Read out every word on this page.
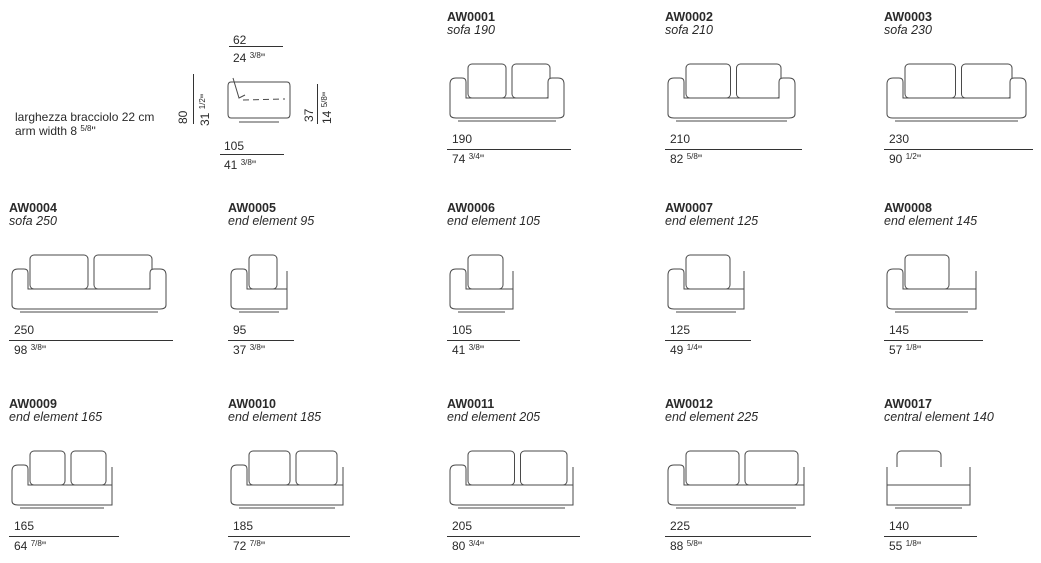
62
24 $^{3/8}$"
80 31 $^{1/2}$"
37 14 $^{5/8}$"
105
41 $^{3/8}$"
larghezza bracciolo 22 cm
arm width 8 $^{5/8}$"
AW0001
sofa 190
190
74 $^{3/4}$"
AW0002
sofa 210
210
82 $^{5/8}$"
AW0003
sofa 230
230
90 $^{1/2}$"
AW0004
sofa 250
250
98 $^{3/8}$"
AW0005
end element 95
95
37 $^{3/8}$"
AW0006
end element 105
105
41 $^{3/8}$"
AW0007
end element 125
125
49 $^{1/4}$"
AW0008
end element 145
145
57 $^{1/8}$"
AW0009
end element 165
165
64 $^{7/8}$"
AW0010
end element 185
185
72 $^{7/8}$"
AW0011
end element 205
205
80 $^{3/4}$"
AW0012
end element 225
225
88 $^{5/8}$"
AW0017
central element 140
140
55 $^{1/8}$"
